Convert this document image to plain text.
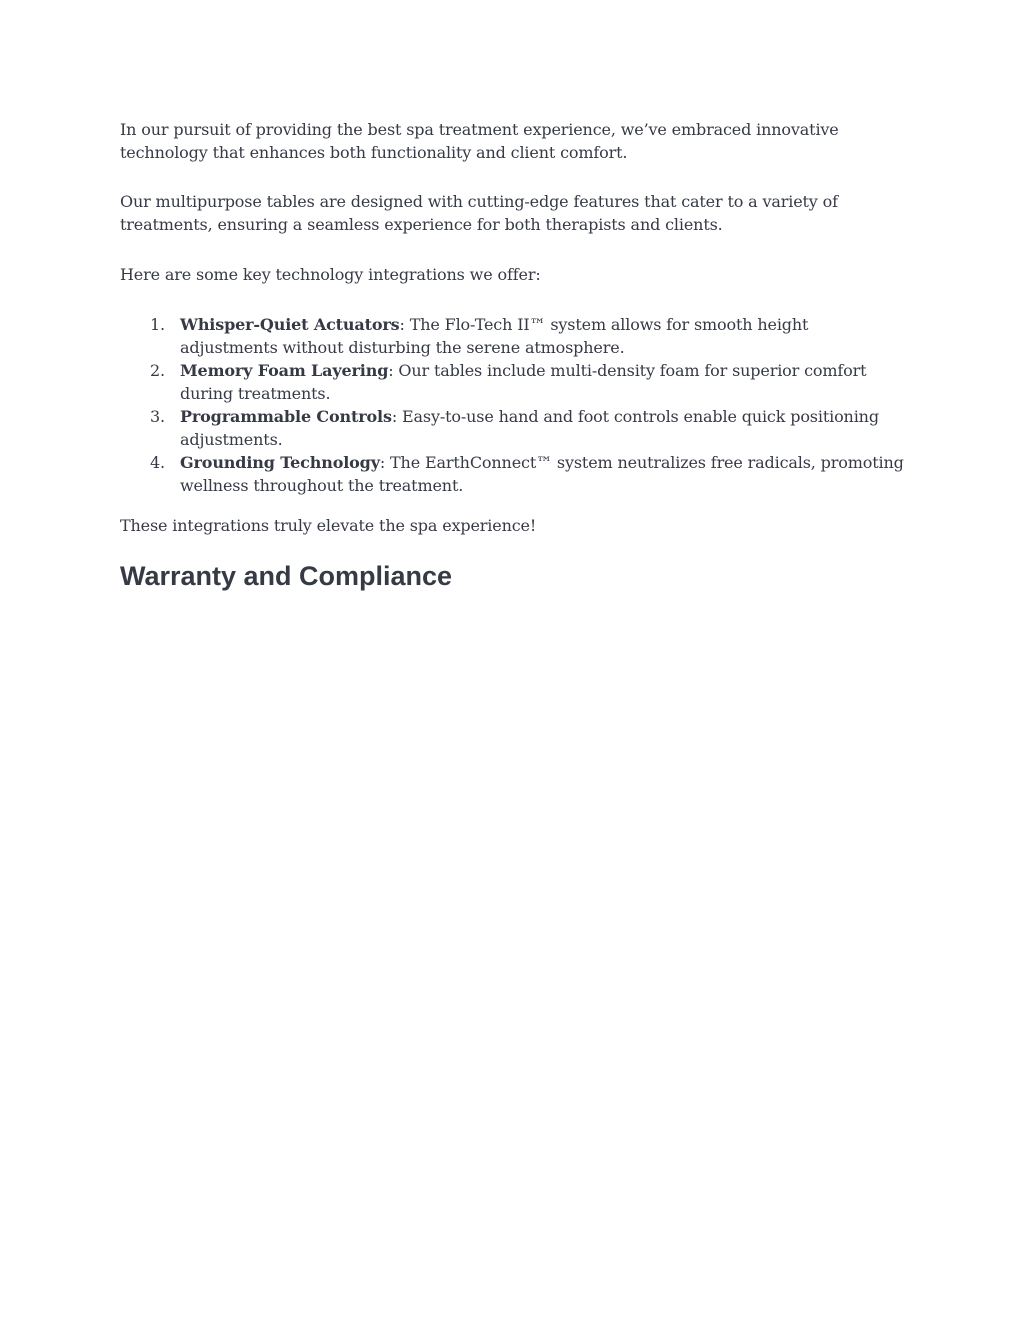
In our pursuit of providing the best spa treatment experience, we’ve embraced innovative technology that enhances both functionality and client comfort.

Our multipurpose tables are designed with cutting-edge features that cater to a variety of treatments, ensuring a seamless experience for both therapists and clients.

Here are some key technology integrations we offer:

1. Whisper-Quiet Actuators: The Flo-Tech II™ system allows for smooth height adjustments without disturbing the serene atmosphere.
2. Memory Foam Layering: Our tables include multi-density foam for superior comfort during treatments.
3. Programmable Controls: Easy-to-use hand and foot controls enable quick positioning adjustments.
4. Grounding Technology: The EarthConnect™ system neutralizes free radicals, promoting wellness throughout the treatment.

These integrations truly elevate the spa experience!

Warranty and Compliance
